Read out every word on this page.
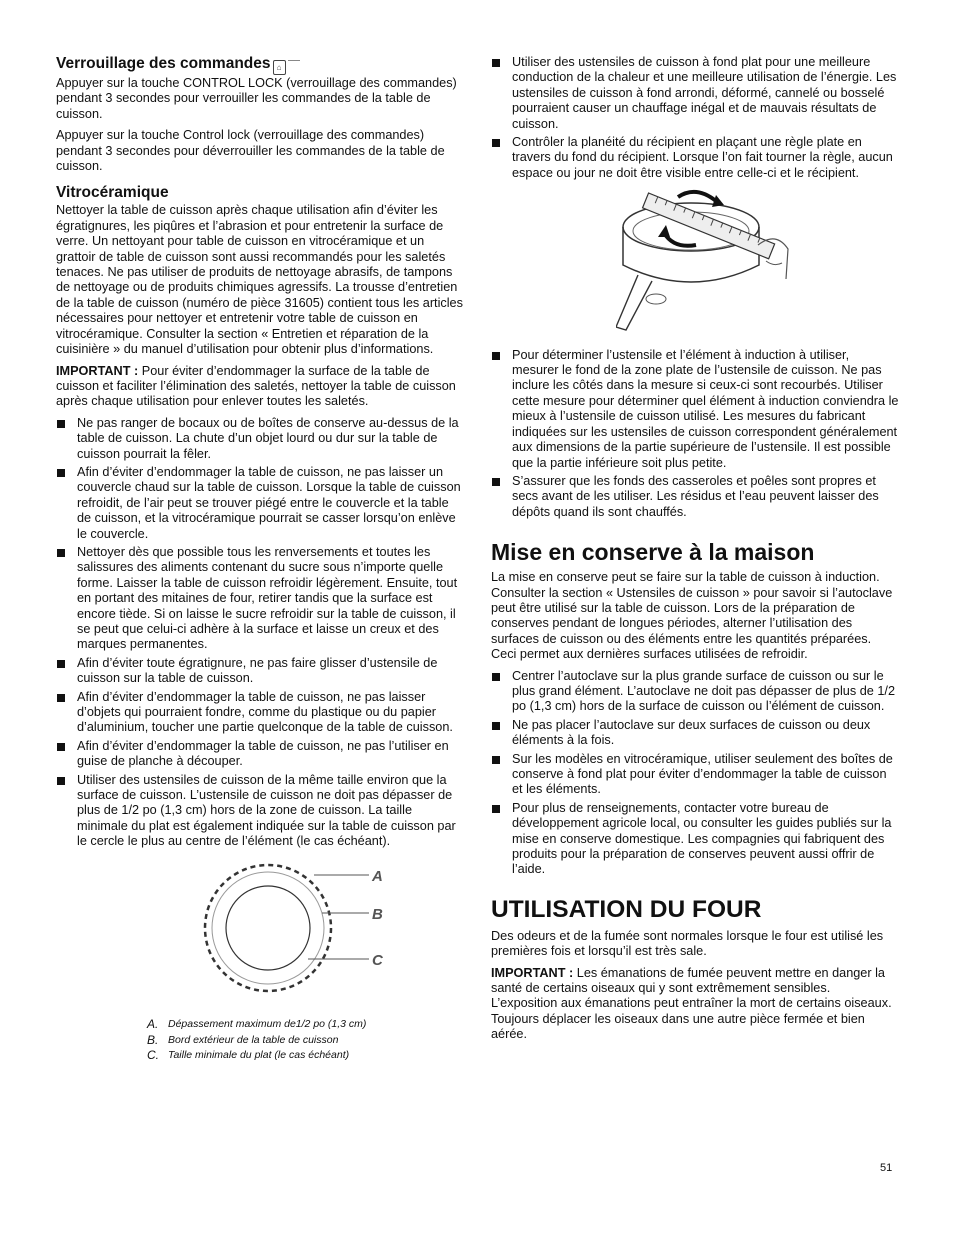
Verrouillage des commandes ⌂

Appuyer sur la touche CONTROL LOCK (verrouillage des commandes) pendant 3 secondes pour verrouiller les commandes de la table de cuisson.

Appuyer sur la touche Control lock (verrouillage des commandes) pendant 3 secondes pour déverrouiller les commandes de la table de cuisson.

Vitrocéramique

Nettoyer la table de cuisson après chaque utilisation afin d’éviter les égratignures, les piqûres et l’abrasion et pour entretenir la surface de verre. Un nettoyant pour table de cuisson en vitrocéramique et un grattoir de table de cuisson sont aussi recommandés pour les saletés tenaces. Ne pas utiliser de produits de nettoyage abrasifs, de tampons de nettoyage ou de produits chimiques agressifs. La trousse d’entretien de la table de cuisson (numéro de pièce 31605) contient tous les articles nécessaires pour nettoyer et entretenir votre table de cuisson en vitrocéramique. Consulter la section « Entretien et réparation de la cuisinière » du manuel d’utilisation pour obtenir plus d’informations.

IMPORTANT : Pour éviter d’endommager la surface de la table de cuisson et faciliter l’élimination des saletés, nettoyer la table de cuisson après chaque utilisation pour enlever toutes les saletés.

Ne pas ranger de bocaux ou de boîtes de conserve au-dessus de la table de cuisson. La chute d’un objet lourd ou dur sur la table de cuisson pourrait la fêler.
Afin d’éviter d’endommager la table de cuisson, ne pas laisser un couvercle chaud sur la table de cuisson. Lorsque la table de cuisson refroidit, de l’air peut se trouver piégé entre le couvercle et la table de cuisson, et la vitrocéramique pourrait se casser lorsqu’on enlève le couvercle.
Nettoyer dès que possible tous les renversements et toutes les salissures des aliments contenant du sucre sous n’importe quelle forme. Laisser la table de cuisson refroidir légèrement. Ensuite, tout en portant des mitaines de four, retirer tandis que la surface est encore tiède. Si on laisse le sucre refroidir sur la table de cuisson, il se peut que celui-ci adhère à la surface et laisse un creux et des marques permanentes.
Afin d’éviter toute égratignure, ne pas faire glisser d’ustensile de cuisson sur la table de cuisson.
Afin d’éviter d’endommager la table de cuisson, ne pas laisser d’objets qui pourraient fondre, comme du plastique ou du papier d’aluminium, toucher une partie quelconque de la table de cuisson.
Afin d’éviter d’endommager la table de cuisson, ne pas l’utiliser en guise de planche à découper.
Utiliser des ustensiles de cuisson de la même taille environ que la surface de cuisson. L’ustensile de cuisson ne doit pas dépasser de plus de 1/2 po (1,3 cm) hors de la zone de cuisson. La taille minimale du plat est également indiquée sur la table de cuisson par le cercle le plus au centre de l’élément (le cas échéant).
A
B
C
A. Dépassement maximum de1/2 po (1,3 cm)
B. Bord extérieur de la table de cuisson
C. Taille minimale du plat (le cas échéant)
Utiliser des ustensiles de cuisson à fond plat pour une meilleure conduction de la chaleur et une meilleure utilisation de l’énergie. Les ustensiles de cuisson à fond arrondi, déformé, cannelé ou bosselé pourraient causer un chauffage inégal et de mauvais résultats de cuisson.
Contrôler la planéité du récipient en plaçant une règle plate en travers du fond du récipient. Lorsque l’on fait tourner la règle, aucun espace ou jour ne doit être visible entre celle-ci et le récipient.
Pour déterminer l’ustensile et l’élément à induction à utiliser, mesurer le fond de la zone plate de l’ustensile de cuisson. Ne pas inclure les côtés dans la mesure si ceux-ci sont recourbés. Utiliser cette mesure pour déterminer quel élément à induction conviendra le mieux à l’ustensile de cuisson utilisé. Les mesures du fabricant indiquées sur les ustensiles de cuisson correspondent généralement aux dimensions de la partie supérieure de l’ustensile. Il est possible que la partie inférieure soit plus petite.
S’assurer que les fonds des casseroles et poêles sont propres et secs avant de les utiliser. Les résidus et l’eau peuvent laisser des dépôts quand ils sont chauffés.
Mise en conserve à la maison

La mise en conserve peut se faire sur la table de cuisson à induction. Consulter la section « Ustensiles de cuisson » pour savoir si l’autoclave peut être utilisé sur la table de cuisson. Lors de la préparation de conserves pendant de longues périodes, alterner l’utilisation des surfaces de cuisson ou des éléments entre les quantités préparées. Ceci permet aux dernières surfaces utilisées de refroidir.

Centrer l’autoclave sur la plus grande surface de cuisson ou sur le plus grand élément. L’autoclave ne doit pas dépasser de plus de 1/2 po (1,3 cm) hors de la surface de cuisson ou l’élément de cuisson.
Ne pas placer l’autoclave sur deux surfaces de cuisson ou deux éléments à la fois.
Sur les modèles en vitrocéramique, utiliser seulement des boîtes de conserve à fond plat pour éviter d’endommager la table de cuisson et les éléments.
Pour plus de renseignements, contacter votre bureau de développement agricole local, ou consulter les guides publiés sur la mise en conserve domestique. Les compagnies qui fabriquent des produits pour la préparation de conserves peuvent aussi offrir de l’aide.
UTILISATION DU FOUR

Des odeurs et de la fumée sont normales lorsque le four est utilisé les premières fois et lorsqu’il est très sale.

IMPORTANT : Les émanations de fumée peuvent mettre en danger la santé de certains oiseaux qui y sont extrêmement sensibles. L’exposition aux émanations peut entraîner la mort de certains oiseaux. Toujours déplacer les oiseaux dans une autre pièce fermée et bien aérée.

51
